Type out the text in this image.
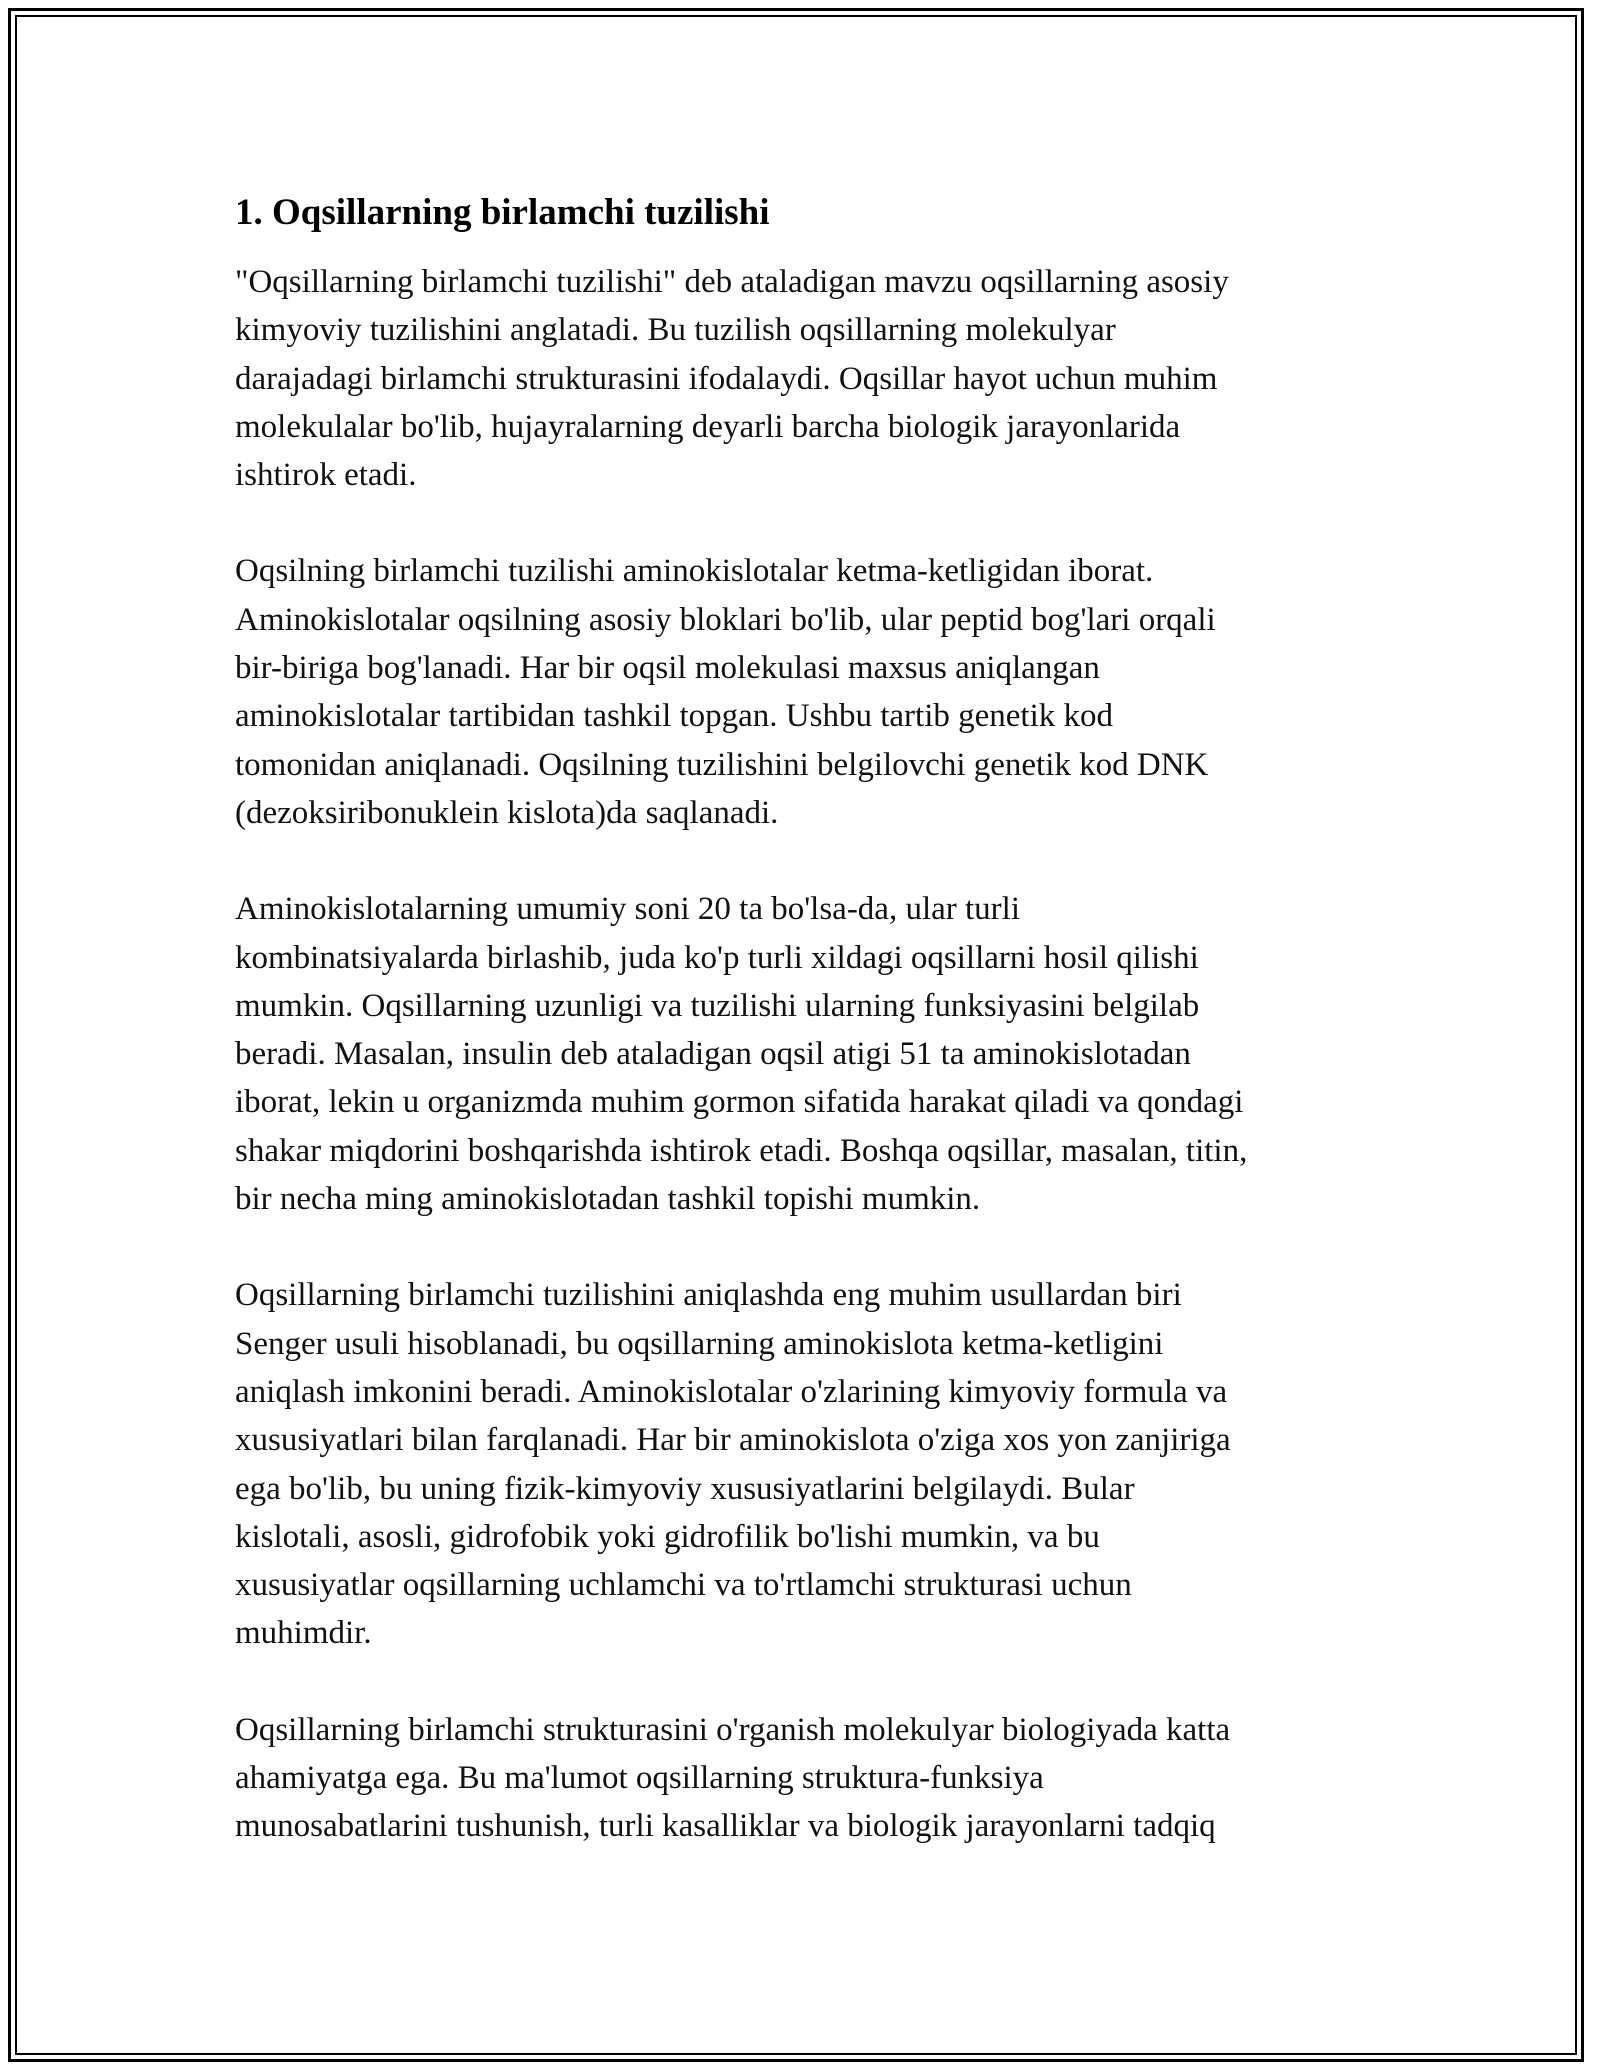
1. Oqsillarning birlamchi tuzilishi

"Oqsillarning birlamchi tuzilishi" deb ataladigan mavzu oqsillarning asosiy
kimyoviy tuzilishini anglatadi. Bu tuzilish oqsillarning molekulyar
darajadagi birlamchi strukturasini ifodalaydi. Oqsillar hayot uchun muhim
molekulalar bo'lib, hujayralarning deyarli barcha biologik jarayonlarida
ishtirok etadi.

Oqsilning birlamchi tuzilishi aminokislotalar ketma-ketligidan iborat.
Aminokislotalar oqsilning asosiy bloklari bo'lib, ular peptid bog'lari orqali
bir-biriga bog'lanadi. Har bir oqsil molekulasi maxsus aniqlangan
aminokislotalar tartibidan tashkil topgan. Ushbu tartib genetik kod
tomonidan aniqlanadi. Oqsilning tuzilishini belgilovchi genetik kod DNK
(dezoksiribonuklein kislota)da saqlanadi.

Aminokislotalarning umumiy soni 20 ta bo'lsa-da, ular turli
kombinatsiyalarda birlashib, juda ko'p turli xildagi oqsillarni hosil qilishi
mumkin. Oqsillarning uzunligi va tuzilishi ularning funksiyasini belgilab
beradi. Masalan, insulin deb ataladigan oqsil atigi 51 ta aminokislotadan
iborat, lekin u organizmda muhim gormon sifatida harakat qiladi va qondagi
shakar miqdorini boshqarishda ishtirok etadi. Boshqa oqsillar, masalan, titin,
bir necha ming aminokislotadan tashkil topishi mumkin.

Oqsillarning birlamchi tuzilishini aniqlashda eng muhim usullardan biri
Senger usuli hisoblanadi, bu oqsillarning aminokislota ketma-ketligini
aniqlash imkonini beradi. Aminokislotalar o'zlarining kimyoviy formula va
xususiyatlari bilan farqlanadi. Har bir aminokislota o'ziga xos yon zanjiriga
ega bo'lib, bu uning fizik-kimyoviy xususiyatlarini belgilaydi. Bular
kislotali, asosli, gidrofobik yoki gidrofilik bo'lishi mumkin, va bu
xususiyatlar oqsillarning uchlamchi va to'rtlamchi strukturasi uchun
muhimdir.

Oqsillarning birlamchi strukturasini o'rganish molekulyar biologiyada katta
ahamiyatga ega. Bu ma'lumot oqsillarning struktura-funksiya
munosabatlarini tushunish, turli kasalliklar va biologik jarayonlarni tadqiq
